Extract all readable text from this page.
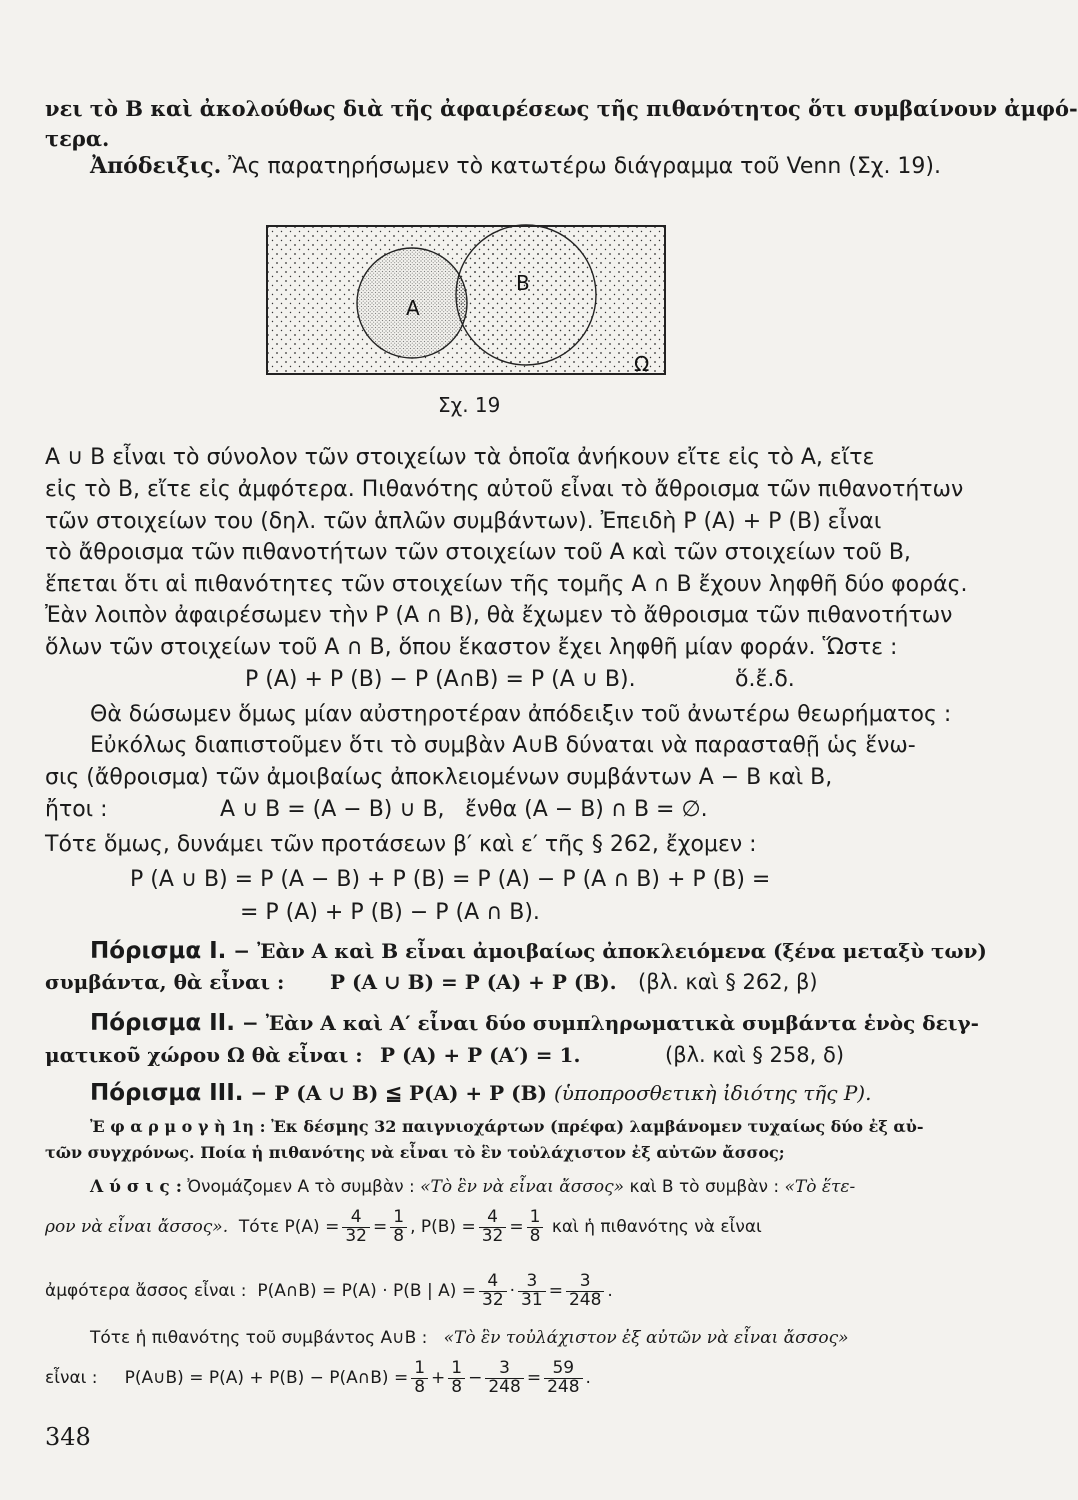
νει τὸ Β καὶ ἀκολούθως διὰ τῆς ἀφαιρέσεως τῆς πιθανότητος ὅτι συμβαίνουν ἀμφό-
τερα.
Ἀπόδειξις. Ἂς παρατηρήσωμεν τὸ κατωτέρω διάγραμμα τοῦ Venn (Σχ. 19).
A
B
Ω
Σχ. 19
A ∪ B εἶναι τὸ σύνολον τῶν στοιχείων τὰ ὁποῖα ἀνήκουν εἴτε εἰς τὸ A, εἴτε
εἰς τὸ B, εἴτε εἰς ἀμφότερα. Πιθανότης αὐτοῦ εἶναι τὸ ἄθροισμα τῶν πιθανοτήτων
τῶν στοιχείων του (δηλ. τῶν ἁπλῶν συμβάντων). Ἐπειδὴ P (A) + P (B) εἶναι
τὸ ἄθροισμα τῶν πιθανοτήτων τῶν στοιχείων τοῦ A καὶ τῶν στοιχείων τοῦ B,
ἕπεται ὅτι αἱ πιθανότητες τῶν στοιχείων τῆς τομῆς A ∩ B ἔχουν ληφθῆ δύο φοράς.
Ἐὰν λοιπὸν ἀφαιρέσωμεν τὴν P (A ∩ B), θὰ ἔχωμεν τὸ ἄθροισμα τῶν πιθανοτήτων
ὅλων τῶν στοιχείων τοῦ A ∩ B, ὅπου ἕκαστον ἔχει ληφθῆ μίαν φοράν. Ὥστε :
P (A) + P (B) − P (A∩B) = P (A ∪ B).	ὅ.ἔ.δ.
Θὰ δώσωμεν ὅμως μίαν αὐστηροτέραν ἀπόδειξιν τοῦ ἀνωτέρω θεωρήματος :
Εὐκόλως διαπιστοῦμεν ὅτι τὸ συμβὰν A∪B δύναται νὰ παρασταθῇ ὡς ἕνω-
σις (ἄθροισμα) τῶν ἀμοιβαίως ἀποκλειομένων συμβάντων A − B καὶ B,
ἤτοι :	A ∪ B = (A − B) ∪ B, ἔνθα (A − B) ∩ B = ∅.
Τότε ὅμως, δυνάμει τῶν προτάσεων β′ καὶ ε′ τῆς § 262, ἔχομεν :
P (A ∪ B) = P (A − B) + P (B) = P (A) − P (A ∩ B) + P (B) =
= P (A) + P (B) − P (A ∩ B).
Πόρισμα I. − Ἐὰν A καὶ B εἶναι ἀμοιβαίως ἀποκλειόμενα (ξένα μεταξὺ των)
συμβάντα, θὰ εἶναι : P (A ∪ B) = P (A) + P (B). (βλ. καὶ § 262, β)
Πόρισμα II. − Ἐὰν A καὶ A′ εἶναι δύο συμπληρωματικὰ συμβάντα ἑνὸς δειγ-
ματικοῦ χώρου Ω θὰ εἶναι : P (A) + P (A′) = 1.	(βλ. καὶ § 258, δ)
Πόρισμα III. − P (A ∪ B) ≦ P(A) + P (B) (ὑποπροσθετικὴ ἰδιότης τῆς P).
Ἐ φ α ρ μ ο γ ὴ 1η : Ἐκ δέσμης 32 παιγνιοχάρτων (πρέφα) λαμβάνομεν τυχαίως δύο ἐξ αὐ-
τῶν συγχρόνως. Ποία ἡ πιθανότης νὰ εἶναι τὸ ἓν τοὐλάχιστον ἐξ αὐτῶν ἄσσος;
Λ ύ σ ι ς : Ὀνομάζομεν A τὸ συμβὰν : «Τὸ ἓν νὰ εἶναι ἄσσος» καὶ B τὸ συμβὰν : «Τὸ ἕτε-
ρον νὰ εἶναι ἄσσος».
Τότε
$P(A) = \frac{4}{32} = \frac{1}{8}$ ,
$P(B) = \frac{4}{32} = \frac{1}{8}$
καὶ ἡ πιθανότης νὰ εἶναι
ἀμφότερα ἄσσος εἶναι :
P(A∩B) = P(A) · P(B | $A) = \frac{4}{32} \cdot \frac{3}{31} = \frac{3}{248}$ .
Τότε ἡ πιθανότης τοῦ συμβάντος A∪B : «Τὸ ἓν τοὐλάχιστον ἐξ αὐτῶν νὰ εἶναι ἄσσος»
εἶναι :
P(A∪B) = P(A) + P(B) − P(A∩B) = $\frac{1}{8} + \frac{1}{8} - \frac{3}{248} = \frac{59}{248}$ .
348
